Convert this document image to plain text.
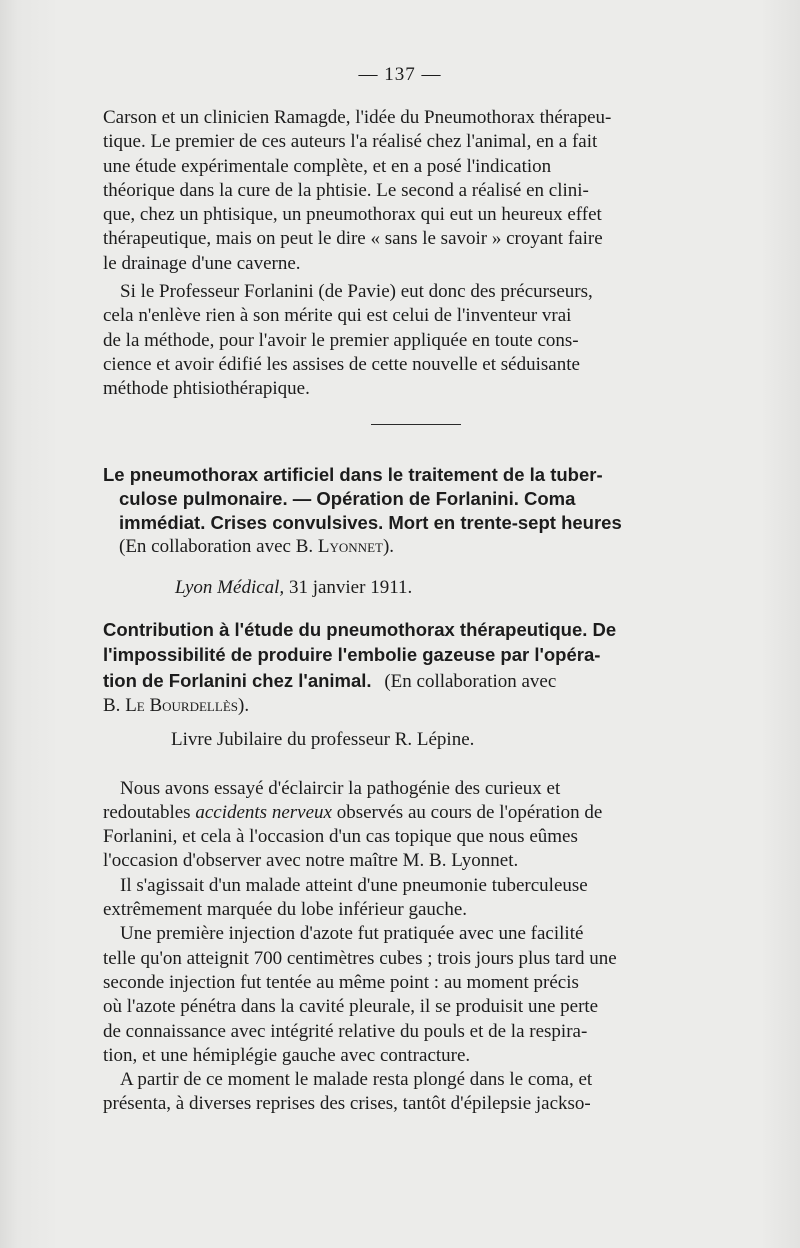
— 137 —

Carson et un clinicien Ramagde, l'idée du Pneumothorax thérapeu-
tique. Le premier de ces auteurs l'a réalisé chez l'animal, en a fait
une étude expérimentale complète, et en a posé l'indication
théorique dans la cure de la phtisie. Le second a réalisé en clini-
que, chez un phtisique, un pneumothorax qui eut un heureux effet
thérapeutique, mais on peut le dire « sans le savoir » croyant faire
le drainage d'une caverne.

Si le Professeur Forlanini (de Pavie) eut donc des précurseurs,
cela n'enlève rien à son mérite qui est celui de l'inventeur vrai
de la méthode, pour l'avoir le premier appliquée en toute cons-
cience et avoir édifié les assises de cette nouvelle et séduisante
méthode phtisiothérapique.

Le pneumothorax artificiel dans le traitement de la tuber-
culose pulmonaire. — Opération de Forlanini. Coma
immédiat. Crises convulsives. Mort en trente-sept heures

(En collaboration avec B. Lyonnet).

Lyon Médical, 31 janvier 1911.

Contribution à l'étude du pneumothorax thérapeutique. De
l'impossibilité de produire l'embolie gazeuse par l'opéra-
tion de Forlanini chez l'animal. (En collaboration avec
B. Le Bourdellès).

Livre Jubilaire du professeur R. Lépine.

Nous avons essayé d'éclaircir la pathogénie des curieux et
redoutables accidents nerveux observés au cours de l'opération de
Forlanini, et cela à l'occasion d'un cas topique que nous eûmes
l'occasion d'observer avec notre maître M. B. Lyonnet.

Il s'agissait d'un malade atteint d'une pneumonie tuberculeuse
extrêmement marquée du lobe inférieur gauche.

Une première injection d'azote fut pratiquée avec une facilité
telle qu'on atteignit 700 centimètres cubes ; trois jours plus tard une
seconde injection fut tentée au même point : au moment précis
où l'azote pénétra dans la cavité pleurale, il se produisit une perte
de connaissance avec intégrité relative du pouls et de la respira-
tion, et une hémiplégie gauche avec contracture.

A partir de ce moment le malade resta plongé dans le coma, et
présenta, à diverses reprises des crises, tantôt d'épilepsie jackso-
